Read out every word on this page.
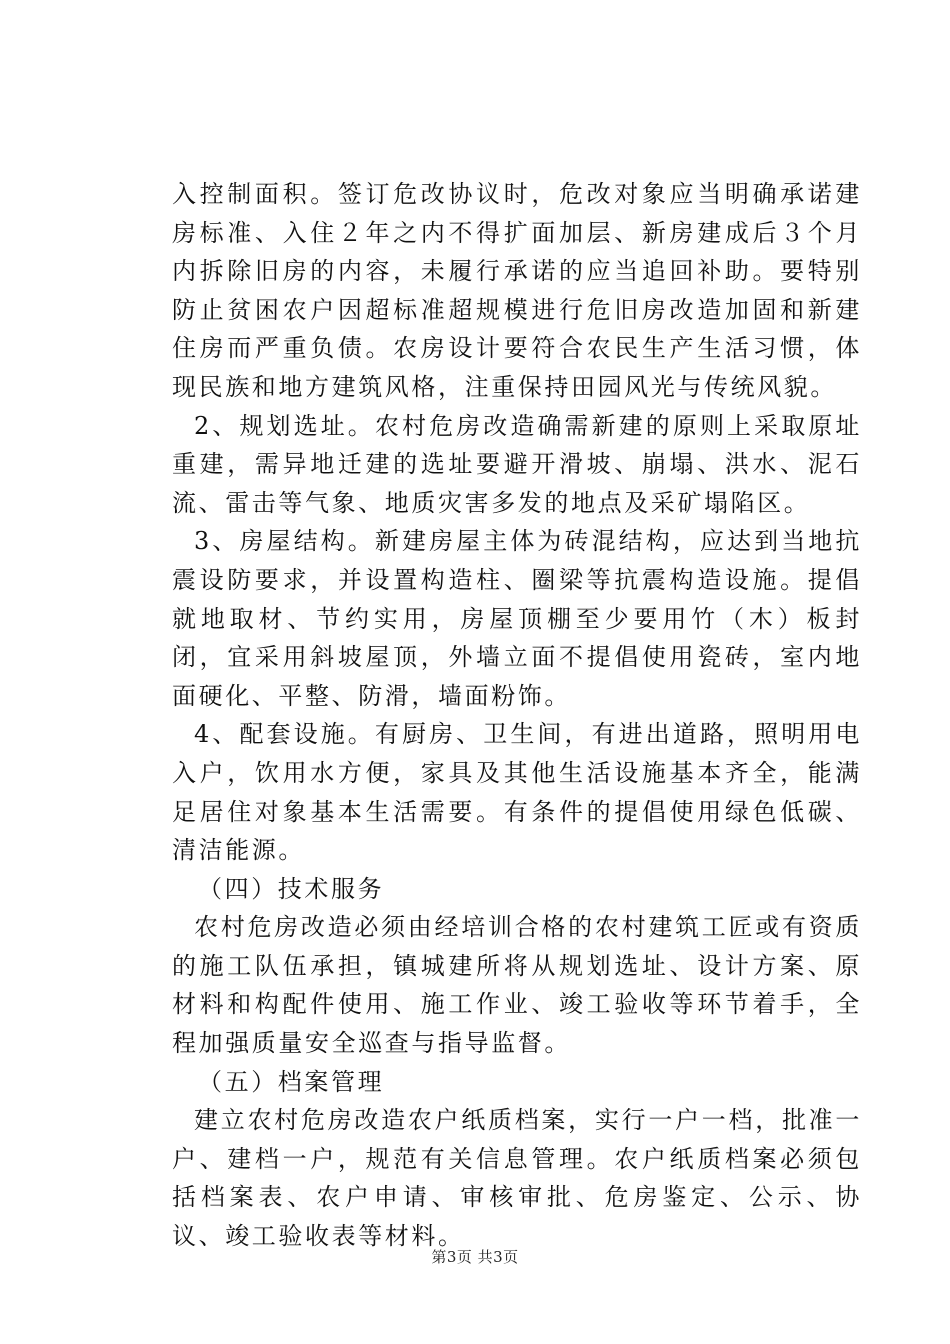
入控制面积。签订危改协议时，危改对象应当明确承诺建房标准、入住２年之内不得扩面加层、新房建成后３个月内拆除旧房的内容，未履行承诺的应当追回补助。要特别防止贫困农户因超标准超规模进行危旧房改造加固和新建住房而严重负债。农房设计要符合农民生产生活习惯，体现民族和地方建筑风格，注重保持田园风光与传统风貌。

2、规划选址。农村危房改造确需新建的原则上采取原址重建，需异地迁建的选址要避开滑坡、崩塌、洪水、泥石流、雷击等气象、地质灾害多发的地点及采矿塌陷区。

3、房屋结构。新建房屋主体为砖混结构，应达到当地抗震设防要求，并设置构造柱、圈梁等抗震构造设施。提倡就地取材、节约实用，房屋顶棚至少要用竹（木）板封闭，宜采用斜坡屋顶，外墙立面不提倡使用瓷砖，室内地面硬化、平整、防滑，墙面粉饰。

4、配套设施。有厨房、卫生间，有进出道路，照明用电入户，饮用水方便，家具及其他生活设施基本齐全，能满足居住对象基本生活需要。有条件的提倡使用绿色低碳、清洁能源。

（四）技术服务

农村危房改造必须由经培训合格的农村建筑工匠或有资质的施工队伍承担，镇城建所将从规划选址、设计方案、原材料和构配件使用、施工作业、竣工验收等环节着手，全程加强质量安全巡查与指导监督。

（五）档案管理

建立农村危房改造农户纸质档案，实行一户一档，批准一户、建档一户，规范有关信息管理。农户纸质档案必须包括档案表、农户申请、审核审批、危房鉴定、公示、协议、竣工验收表等材料。

第3页 共3页
